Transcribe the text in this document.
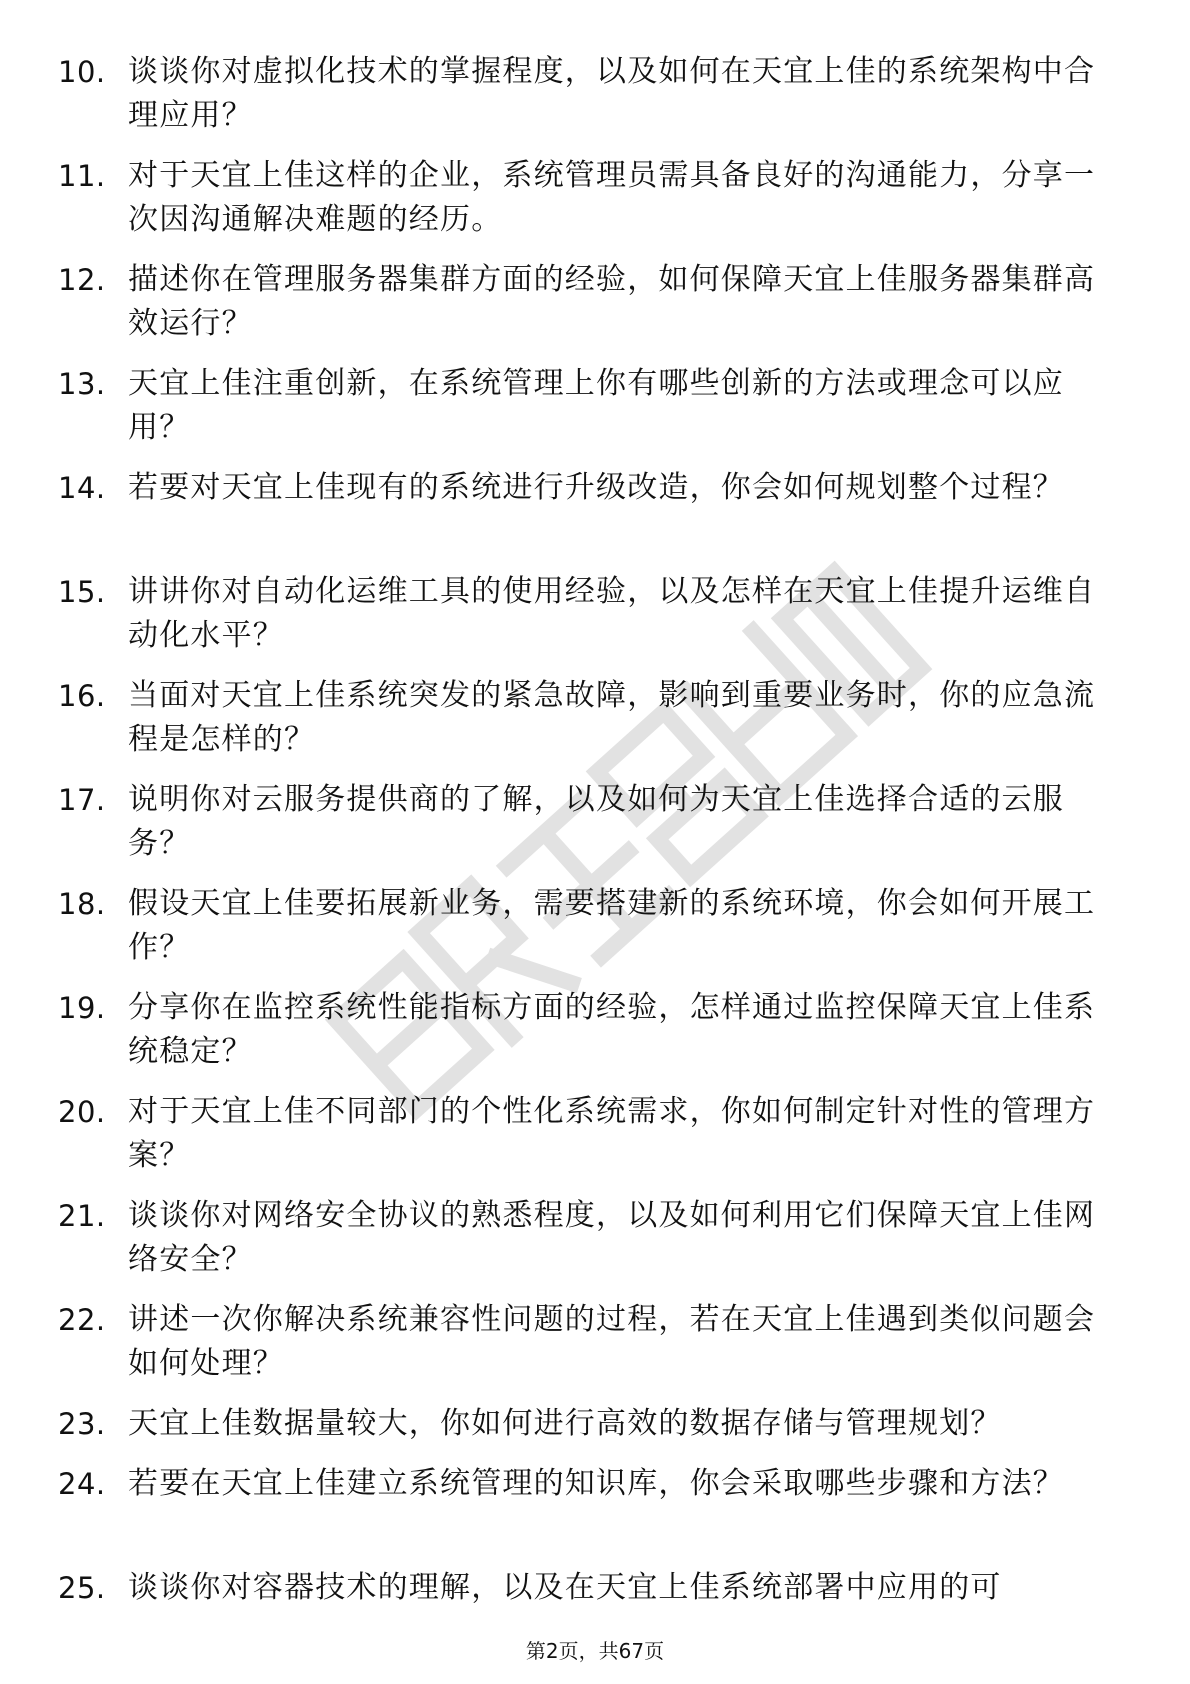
10. 谈谈你对虚拟化技术的掌握程度，以及如何在天宜上佳的系统架构中合理应用？
11. 对于天宜上佳这样的企业，系统管理员需具备良好的沟通能力，分享一次因沟通解决难题的经历。
12. 描述你在管理服务器集群方面的经验，如何保障天宜上佳服务器集群高效运行？
13. 天宜上佳注重创新，在系统管理上你有哪些创新的方法或理念可以应用？
14. 若要对天宜上佳现有的系统进行升级改造，你会如何规划整个过程？
15. 讲讲你对自动化运维工具的使用经验，以及怎样在天宜上佳提升运维自动化水平？
16. 当面对天宜上佳系统突发的紧急故障，影响到重要业务时，你的应急流程是怎样的？
17. 说明你对云服务提供商的了解，以及如何为天宜上佳选择合适的云服务？
18. 假设天宜上佳要拓展新业务，需要搭建新的系统环境，你会如何开展工作？
19. 分享你在监控系统性能指标方面的经验，怎样通过监控保障天宜上佳系统稳定？
20. 对于天宜上佳不同部门的个性化系统需求，你如何制定针对性的管理方案？
21. 谈谈你对网络安全协议的熟悉程度，以及如何利用它们保障天宜上佳网络安全？
22. 讲述一次你解决系统兼容性问题的过程，若在天宜上佳遇到类似问题会如何处理？
23. 天宜上佳数据量较大，你如何进行高效的数据存储与管理规划？
24. 若要在天宜上佳建立系统管理的知识库，你会采取哪些步骤和方法？
25. 谈谈你对容器技术的理解，以及在天宜上佳系统部署中应用的可
第2页，共67页
